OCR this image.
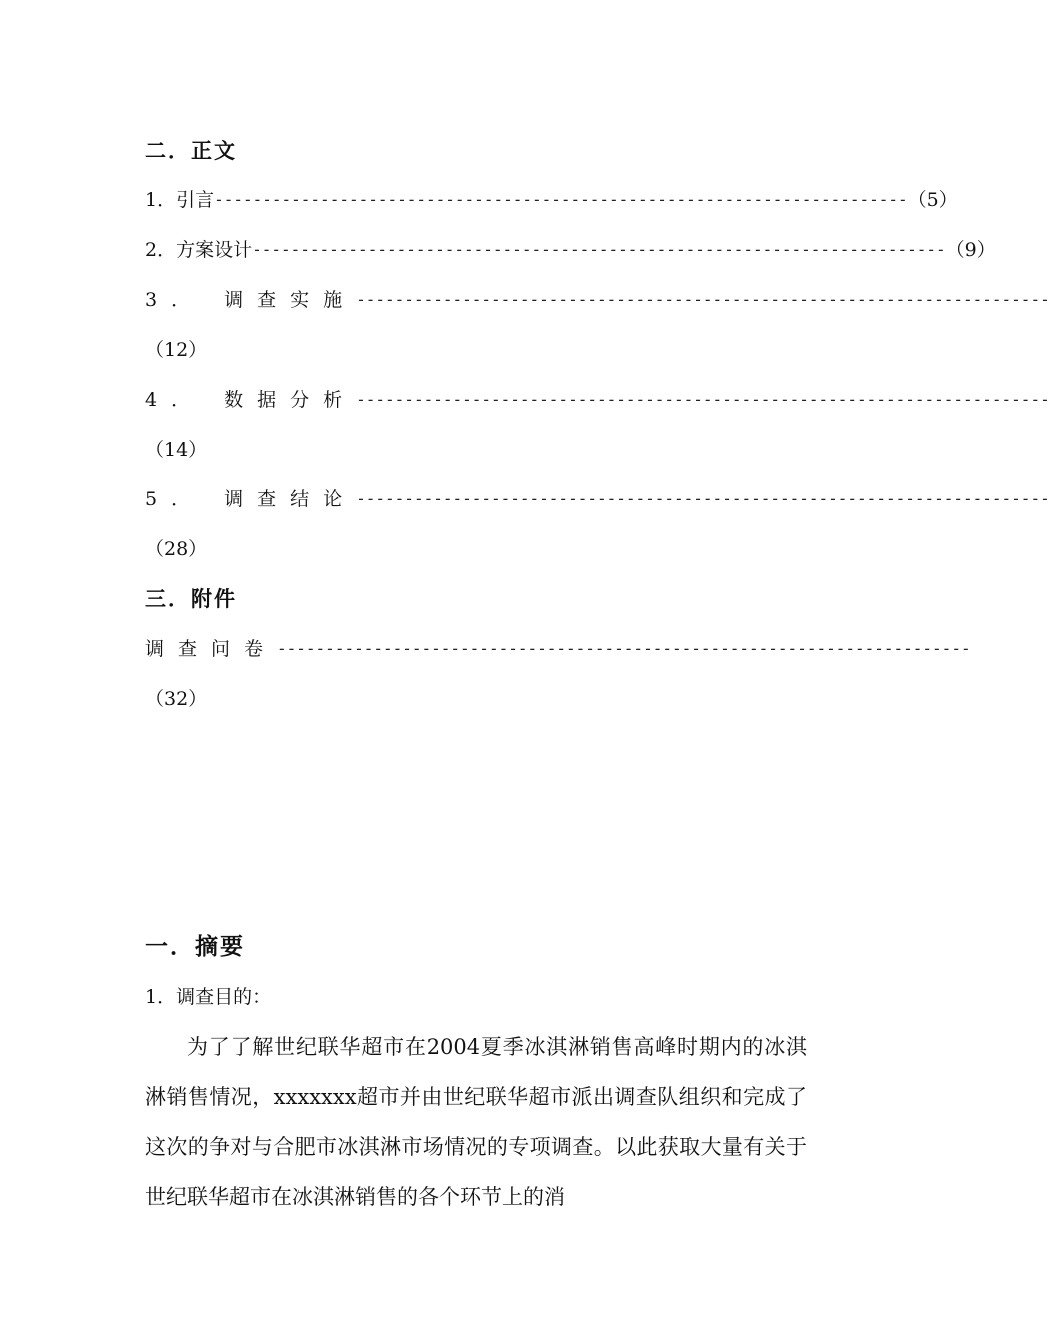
二．正文
1．引言 ------------------------------------------------------------------------ （5）
2．方案设计 ------------------------------------------------------------------------ （9）
3． 调查实施 ------------------------------------------------------------------------
（12）
4． 数据分析 ------------------------------------------------------------------------
（14）
5． 调查结论 ------------------------------------------------------------------------
（28）
三．附件
调查问卷 ------------------------------------------------------------------------
（32）
一．摘要
1．调查目的：

为了了解世纪联华超市在2004夏季冰淇淋销售高峰时期内的冰淇淋销售情况，xxxxxxx超市并由世纪联华超市派出调查队组织和完成了这次的争对与合肥市冰淇淋市场情况的专项调查。以此获取大量有关于世纪联华超市在冰淇淋销售的各个环节上的消
